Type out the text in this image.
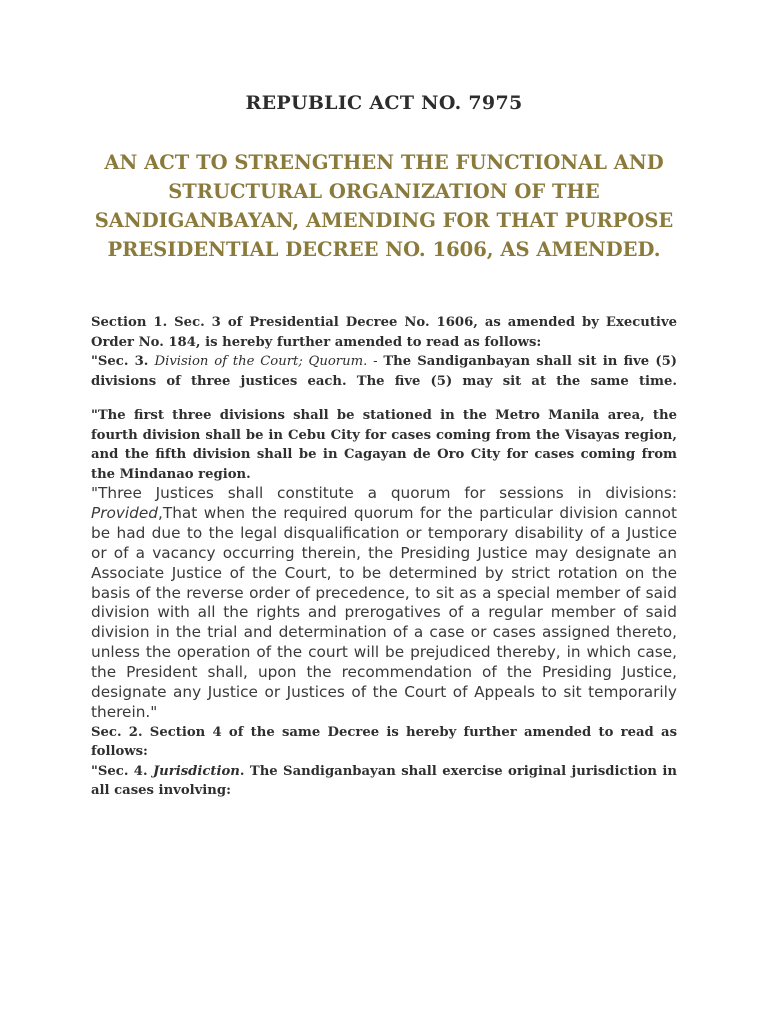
REPUBLIC ACT NO. 7975
AN ACT TO STRENGTHEN THE FUNCTIONAL AND STRUCTURAL ORGANIZATION OF THE SANDIGANBAYAN, AMENDING FOR THAT PURPOSE PRESIDENTIAL DECREE NO. 1606, AS AMENDED.

Section 1. Sec. 3 of Presidential Decree No. 1606, as amended by Executive Order No. 184, is hereby further amended to read as follows:

"Sec. 3. Division of the Court; Quorum. - The Sandiganbayan shall sit in five (5) divisions of three justices each. The five (5) may sit at the same time.

"The first three divisions shall be stationed in the Metro Manila area, the fourth division shall be in Cebu City for cases coming from the Visayas region, and the fifth division shall be in Cagayan de Oro City for cases coming from the Mindanao region.

"Three Justices shall constitute a quorum for sessions in divisions: Provided,That when the required quorum for the particular division cannot be had due to the legal disqualification or temporary disability of a Justice or of a vacancy occurring therein, the Presiding Justice may designate an Associate Justice of the Court, to be determined by strict rotation on the basis of the reverse order of precedence, to sit as a special member of said division with all the rights and prerogatives of a regular member of said division in the trial and determination of a case or cases assigned thereto, unless the operation of the court will be prejudiced thereby, in which case, the President shall, upon the recommendation of the Presiding Justice, designate any Justice or Justices of the Court of Appeals to sit temporarily therein."

Sec. 2. Section 4 of the same Decree is hereby further amended to read as follows:

"Sec. 4. Jurisdiction. The Sandiganbayan shall exercise original jurisdiction in all cases involving:
